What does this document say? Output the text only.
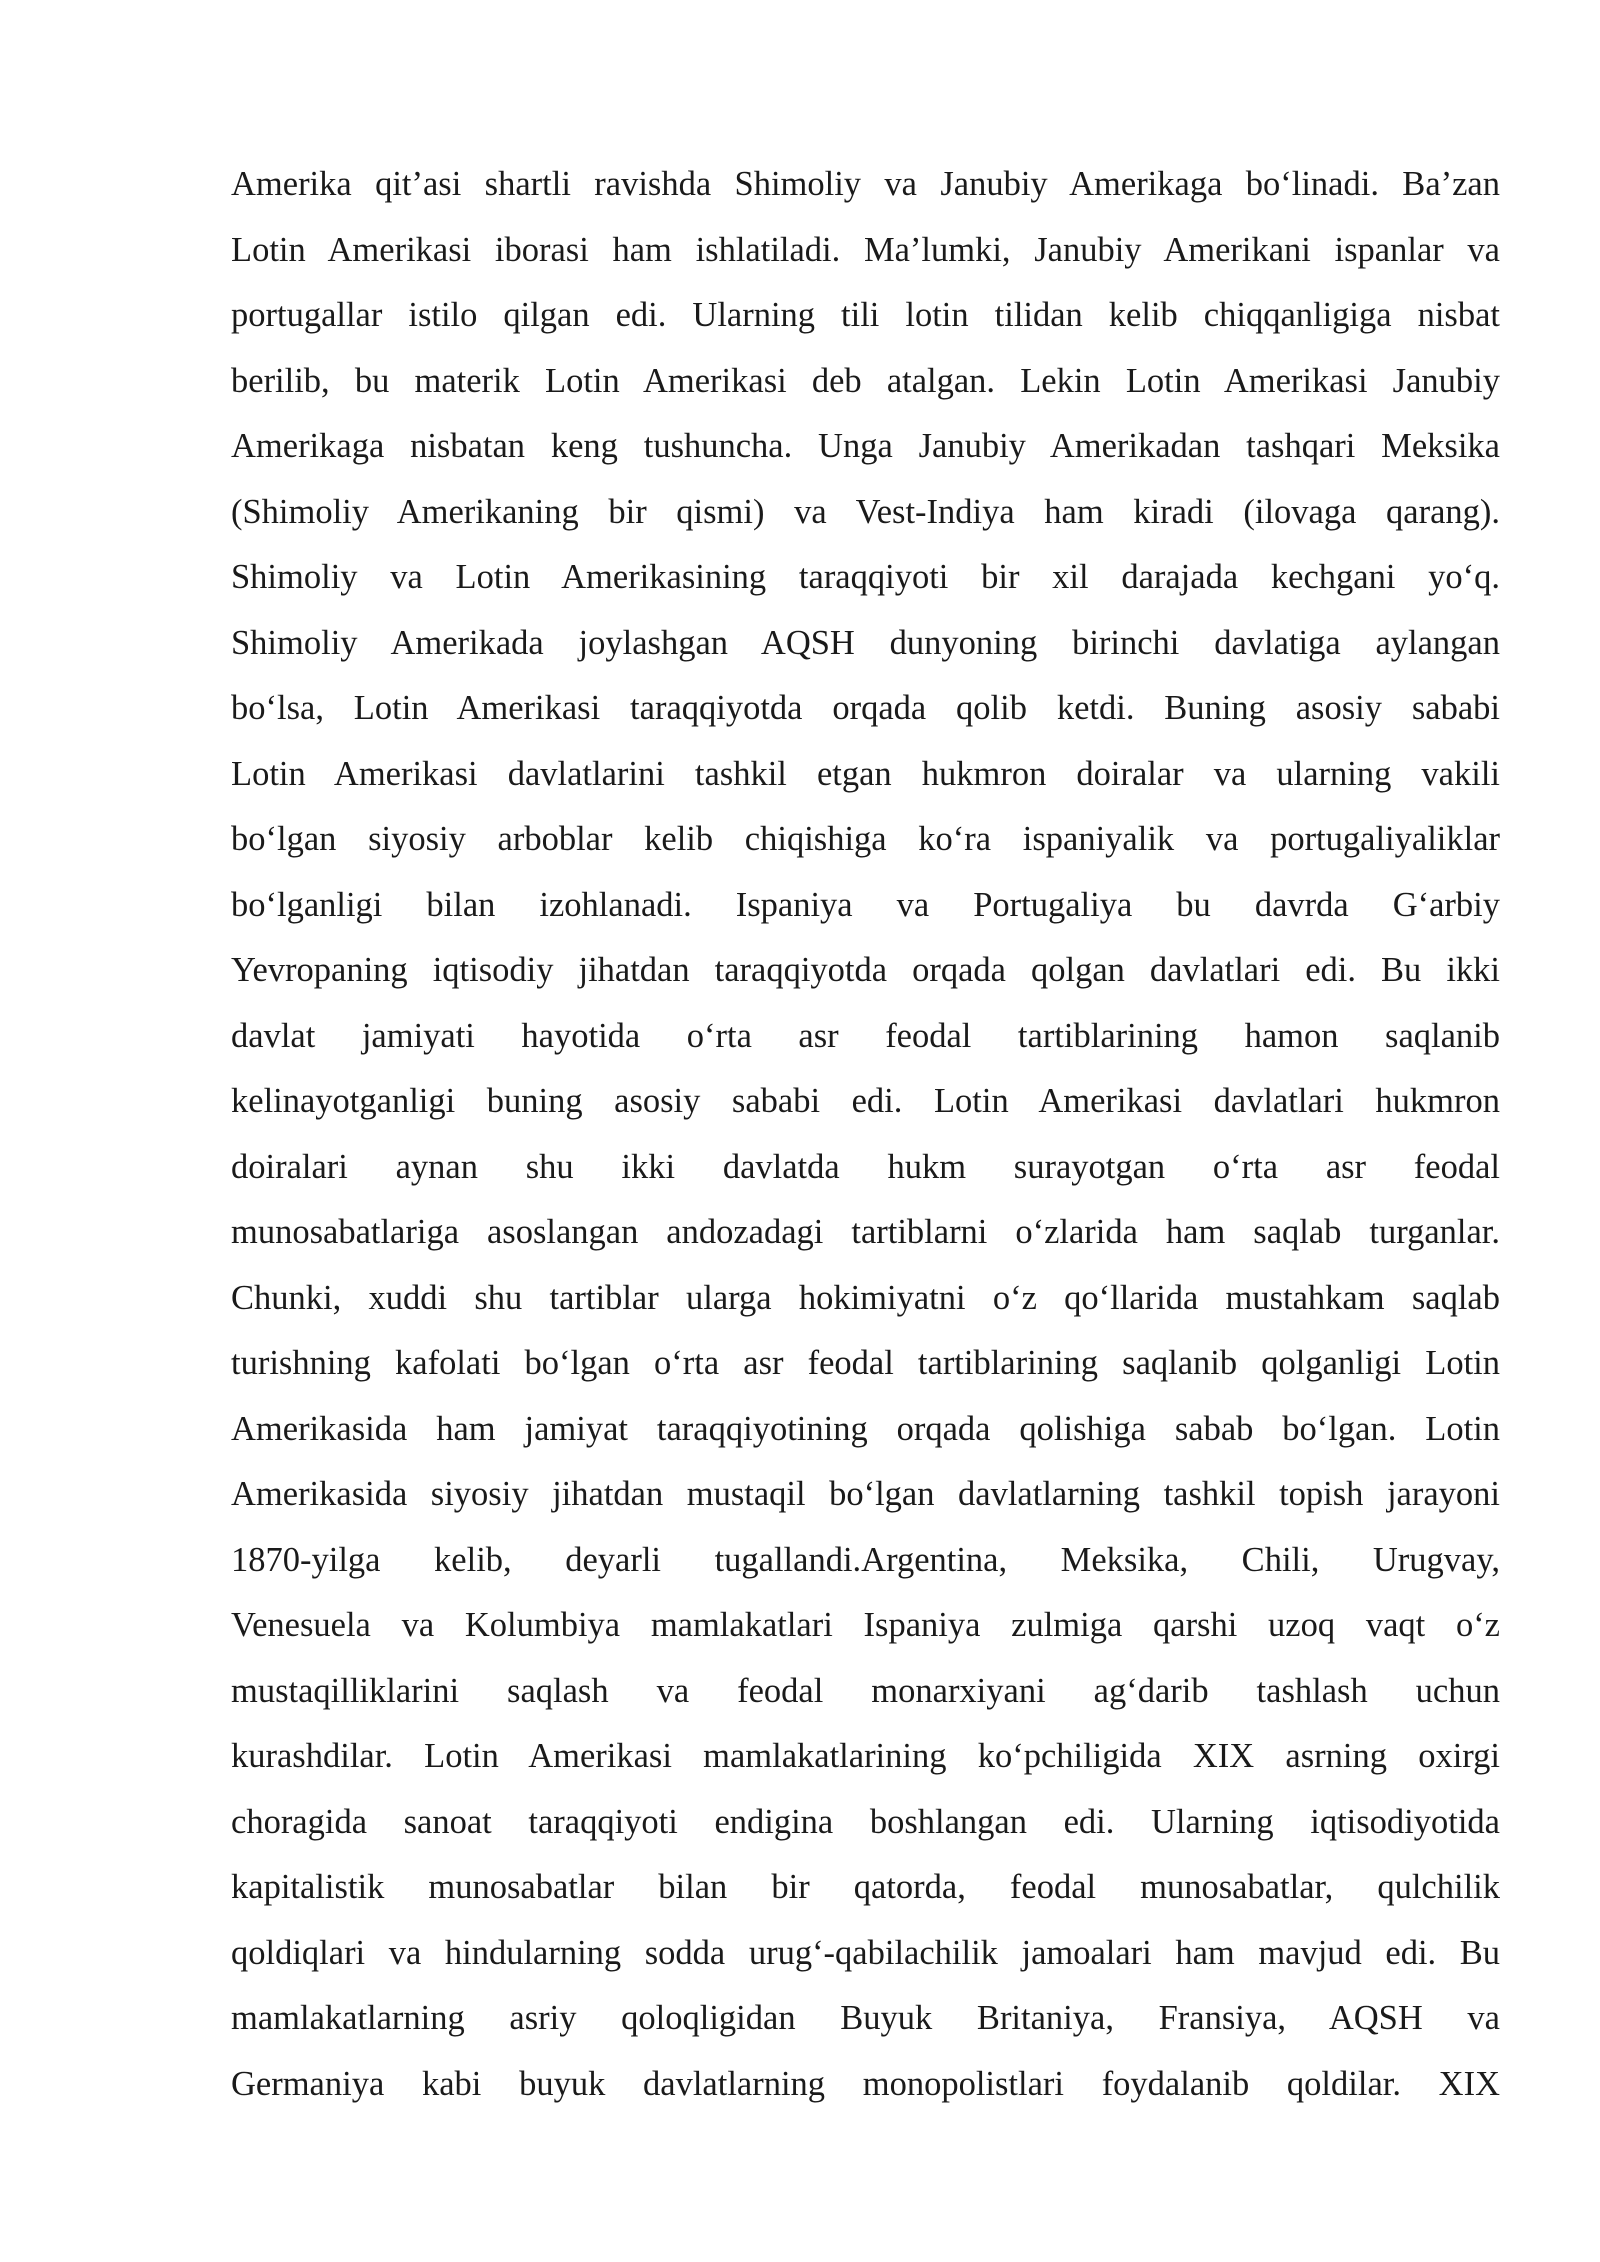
Amerika qit’asi shartli ravishda Shimoliy va Janubiy Amerikaga bo‘linadi. Ba’zan
Lotin Amerikasi iborasi ham ishlatiladi. Ma’lumki, Janubiy Amerikani ispanlar va
portugallar istilo qilgan edi. Ularning tili lotin tilidan kelib chiqqanligiga nisbat
berilib, bu materik Lotin Amerikasi deb atalgan. Lekin Lotin Amerikasi Janubiy
Amerikaga nisbatan keng tushuncha. Unga Janubiy Amerikadan tashqari Meksika
(Shimoliy Amerikaning bir qismi) va Vest-Indiya ham kiradi (ilovaga qarang).
Shimoliy va Lotin Amerikasining taraqqiyoti bir xil darajada kechgani yo‘q.
Shimoliy Amerikada joylashgan AQSH dunyoning birinchi davlatiga aylangan
bo‘lsa, Lotin Amerikasi taraqqiyotda orqada qolib ketdi. Buning asosiy sababi
Lotin Amerikasi davlatlarini tashkil etgan hukmron doiralar va ularning vakili
bo‘lgan siyosiy arboblar kelib chiqishiga ko‘ra ispaniyalik va portugaliyaliklar
bo‘lganligi bilan izohlanadi. Ispaniya va Portugaliya bu davrda G‘arbiy
Yevropaning iqtisodiy jihatdan taraqqiyotda orqada qolgan davlatlari edi. Bu ikki
davlat jamiyati hayotida o‘rta asr feodal tartiblarining hamon saqlanib
kelinayotganligi buning asosiy sababi edi. Lotin Amerikasi davlatlari hukmron
doiralari aynan shu ikki davlatda hukm surayotgan o‘rta asr feodal
munosabatlariga asoslangan andozadagi tartiblarni o‘zlarida ham saqlab turganlar.
Chunki, xuddi shu tartiblar ularga hokimiyatni o‘z qo‘llarida mustahkam saqlab
turishning kafolati bo‘lgan o‘rta asr feodal tartiblarining saqlanib qolganligi Lotin
Amerikasida ham jamiyat taraqqiyotining orqada qolishiga sabab bo‘lgan. Lotin
Amerikasida siyosiy jihatdan mustaqil bo‘lgan davlatlarning tashkil topish jarayoni
1870-yilga kelib, deyarli tugallandi.Argentina, Meksika, Chili, Urugvay,
Venesuela va Kolumbiya mamlakatlari Ispaniya zulmiga qarshi uzoq vaqt o‘z
mustaqilliklarini saqlash va feodal monarxiyani ag‘darib tashlash uchun
kurashdilar. Lotin Amerikasi mamlakatlarining ko‘pchiligida XIX asrning oxirgi
choragida sanoat taraqqiyoti endigina boshlangan edi. Ularning iqtisodiyotida
kapitalistik munosabatlar bilan bir qatorda, feodal munosabatlar, qulchilik
qoldiqlari va hindularning sodda urug‘-qabilachilik jamoalari ham mavjud edi. Bu
mamlakatlarning asriy qoloqligidan Buyuk Britaniya, Fransiya, AQSH va
Germaniya kabi buyuk davlatlarning monopolistlari foydalanib qoldilar. XIX
